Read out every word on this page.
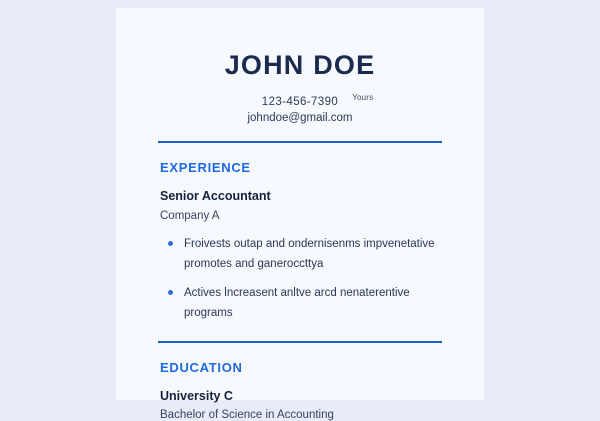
JOHN DOE
123-456-7390 Yours
johndoe@gmail.com
EXPERIENCE
Senior Accountant
Company A
Froivests outap and ondernisenms impvenetative promotes and ganeroccttya
Actives lncreasent anltve arcd nenaterentive programs
EDUCATION
University C
Bachelor of Science in Accounting
